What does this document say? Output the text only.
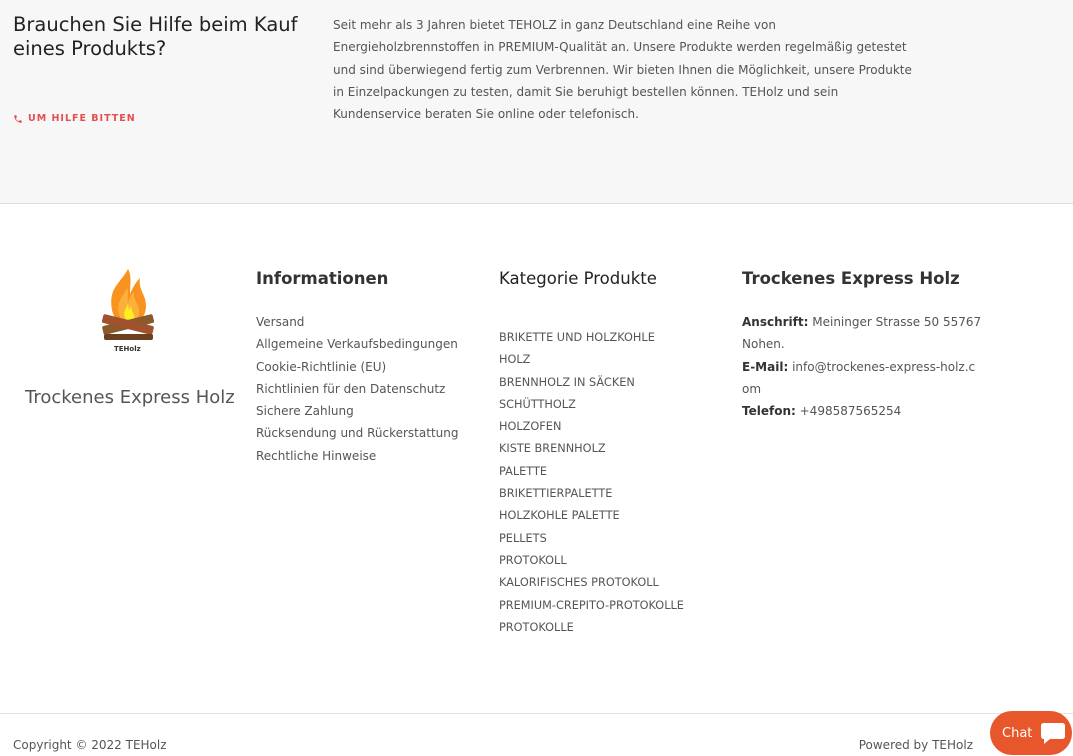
Brauchen Sie Hilfe beim Kauf eines Produkts?
UM HILFE BITTEN

Seit mehr als 3 Jahren bietet TEHOLZ in ganz Deutschland eine Reihe von Energieholzbrennstoffen in PREMIUM-Qualität an. Unsere Produkte werden regelmäßig getestet und sind überwiegend fertig zum Verbrennen. Wir bieten Ihnen die Möglichkeit, unsere Produkte in Einzelpackungen zu testen, damit Sie beruhigt bestellen können. TEHolz und sein Kundenservice beraten Sie online oder telefonisch.

TEHolz
Trockenes Express Holz
Informationen
Versand
Allgemeine Verkaufsbedingungen
Cookie-Richtlinie (EU)
Richtlinien für den Datenschutz
Sichere Zahlung
Rücksendung und Rückerstattung
Rechtliche Hinweise
Kategorie Produkte
BRIKETTE UND HOLZKOHLE
HOLZ
BRENNHOLZ IN SÄCKEN
SCHÜTTHOLZ
HOLZOFEN
KISTE BRENNHOLZ
PALETTE
BRIKETTIERPALETTE
HOLZKOHLE PALETTE
PELLETS
PROTOKOLL
KALORIFISCHES PROTOKOLL
PREMIUM-CREPITO-PROTOKOLLE
PROTOKOLLE
Trockenes Express Holz
Anschrift: Meininger Strasse 50 55767 Nohen.
E-Mail: info@trockenes-express-holz.com
Telefon: +498587565254
Copyright © 2022 TEHolz	Powered by TEHolz
Chat
